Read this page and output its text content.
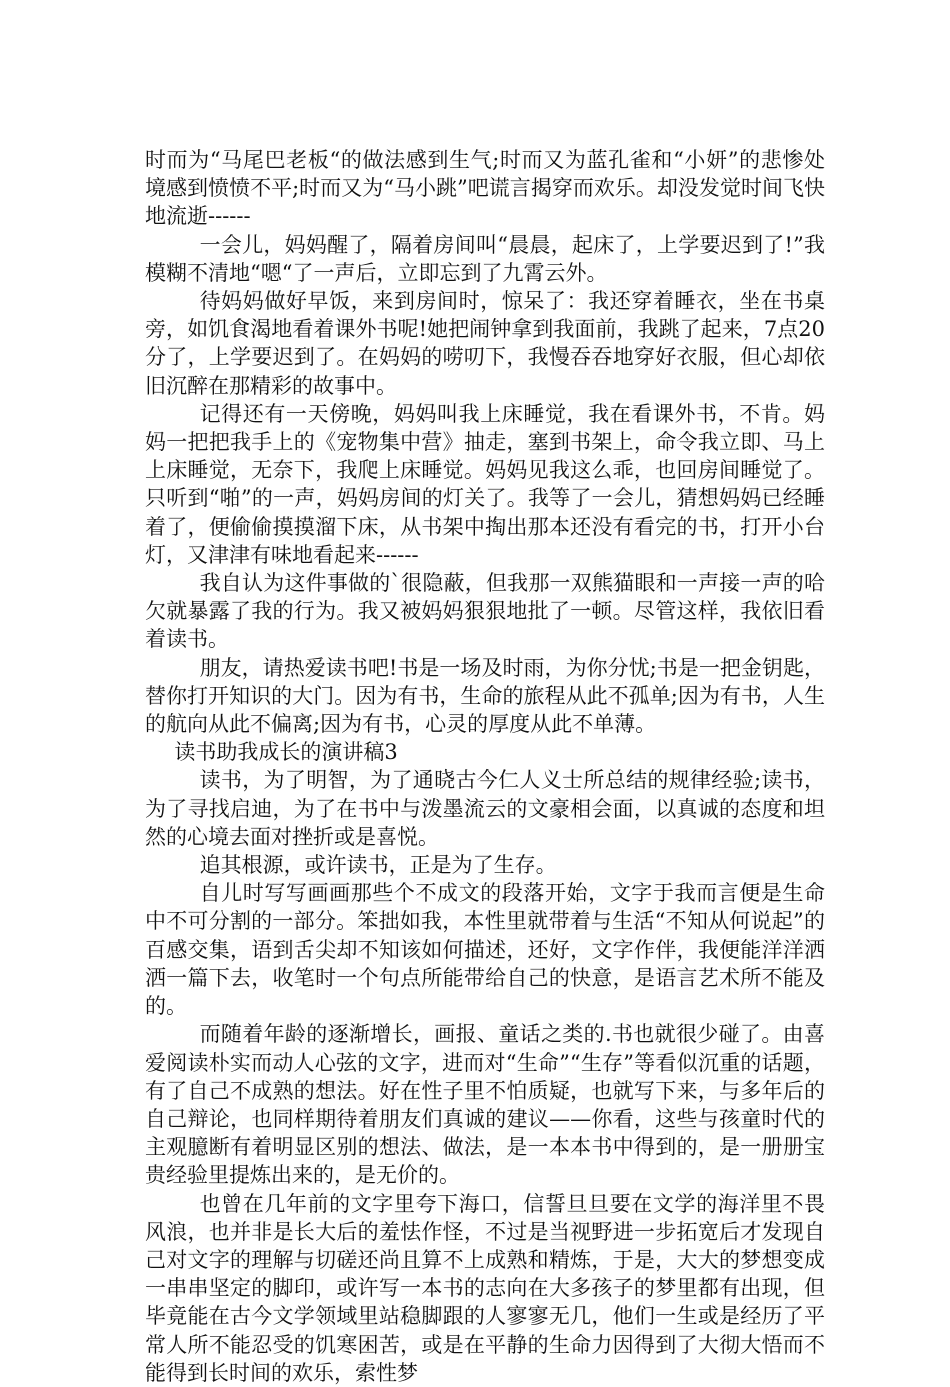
时而为“马尾巴老板“的做法感到生气;时而又为蓝孔雀和“小妍”的悲惨处境感到愤愤不平;时而又为“马小跳”吧谎言揭穿而欢乐。却没发觉时间飞快地流逝------

一会儿，妈妈醒了，隔着房间叫“晨晨，起床了，上学要迟到了!”我模糊不清地“嗯“了一声后，立即忘到了九霄云外。

待妈妈做好早饭，来到房间时，惊呆了：我还穿着睡衣，坐在书桌旁，如饥食渴地看着课外书呢!她把闹钟拿到我面前，我跳了起来，7点20分了，上学要迟到了。在妈妈的唠叨下，我慢吞吞地穿好衣服，但心却依旧沉醉在那精彩的故事中。

记得还有一天傍晚，妈妈叫我上床睡觉，我在看课外书，不肯。妈妈一把把我手上的《宠物集中营》抽走，塞到书架上，命令我立即、马上上床睡觉，无奈下，我爬上床睡觉。妈妈见我这么乖，也回房间睡觉了。只听到“啪”的一声，妈妈房间的灯关了。我等了一会儿，猜想妈妈已经睡着了，便偷偷摸摸溜下床，从书架中掏出那本还没有看完的书，打开小台灯，又津津有味地看起来------

我自认为这件事做的`很隐蔽，但我那一双熊猫眼和一声接一声的哈欠就暴露了我的行为。我又被妈妈狠狠地批了一顿。尽管这样，我依旧看着读书。

朋友，请热爱读书吧!书是一场及时雨，为你分忧;书是一把金钥匙，替你打开知识的大门。因为有书，生命的旅程从此不孤单;因为有书，人生的航向从此不偏离;因为有书，心灵的厚度从此不单薄。

读书助我成长的演讲稿3

读书，为了明智，为了通晓古今仁人义士所总结的规律经验;读书，为了寻找启迪，为了在书中与泼墨流云的文豪相会面，以真诚的态度和坦然的心境去面对挫折或是喜悦。

追其根源，或许读书，正是为了生存。

自儿时写写画画那些个不成文的段落开始，文字于我而言便是生命中不可分割的一部分。笨拙如我，本性里就带着与生活“不知从何说起”的百感交集，语到舌尖却不知该如何描述，还好，文字作伴，我便能洋洋洒洒一篇下去，收笔时一个句点所能带给自己的快意，是语言艺术所不能及的。

而随着年龄的逐渐增长，画报、童话之类的.书也就很少碰了。由喜爱阅读朴实而动人心弦的文字，进而对“生命”“生存”等看似沉重的话题，有了自己不成熟的想法。好在性子里不怕质疑，也就写下来，与多年后的自己辩论，也同样期待着朋友们真诚的建议——你看，这些与孩童时代的主观臆断有着明显区别的想法、做法，是一本本书中得到的，是一册册宝贵经验里提炼出来的，是无价的。

也曾在几年前的文字里夸下海口，信誓旦旦要在文学的海洋里不畏风浪，也并非是长大后的羞怯作怪，不过是当视野进一步拓宽后才发现自己对文字的理解与切磋还尚且算不上成熟和精炼，于是，大大的梦想变成一串串坚定的脚印，或许写一本书的志向在大多孩子的梦里都有出现，但毕竟能在古今文学领域里站稳脚跟的人寥寥无几，他们一生或是经历了平常人所不能忍受的饥寒困苦，或是在平静的生命力因得到了大彻大悟而不能得到长时间的欢乐，索性梦
